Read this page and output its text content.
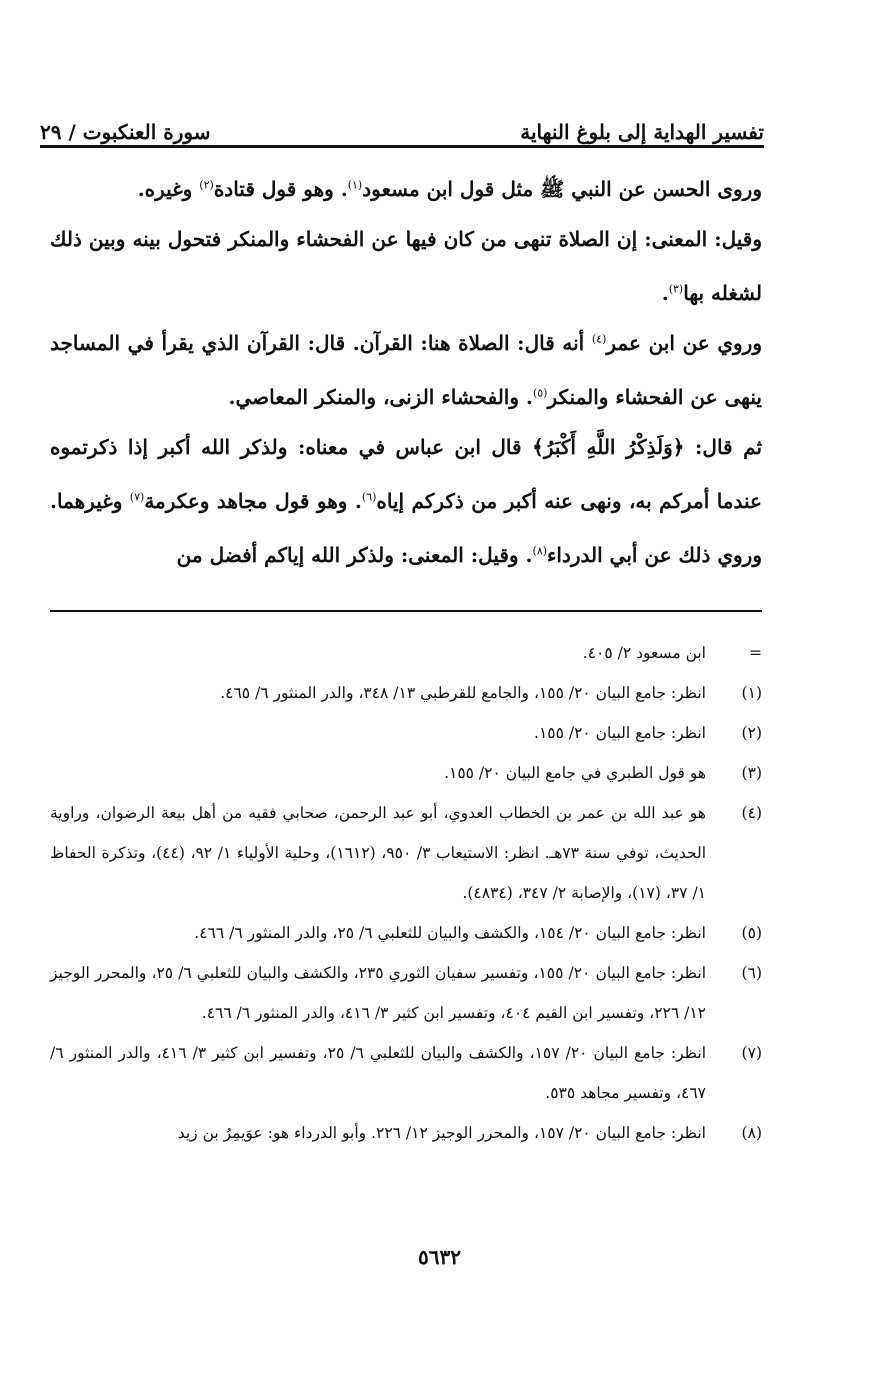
تفسير الهداية إلى بلوغ النهاية
سورة العنكبوت / ٢٩

وروى الحسن عن النبي ﷺ مثل قول ابن مسعود$^{(١)}$. وهو قول قتادة$^{(٢)}$ وغيره.

وقيل: المعنى: إن الصلاة تنهى من كان فيها عن الفحشاء والمنكر فتحول بينه وبين ذلك لشغله بها$^{(٣)}$.

وروي عن ابن عمر$^{(٤)}$ أنه قال: الصلاة هنا: القرآن. قال: القرآن الذي يقرأ في المساجد ينهى عن الفحشاء والمنكر$^{(٥)}$. والفحشاء الزنى، والمنكر المعاصي.

ثم قال: ﴿وَلَذِكْرُ اللَّهِ أَكْبَرُ﴾ قال ابن عباس في معناه: ولذكر الله أكبر إذا ذكرتموه عندما أمركم به، ونهى عنه أكبر من ذكركم إياه$^{(٦)}$. وهو قول مجاهد وعكرمة$^{(٧)}$ وغيرهما. وروي ذلك عن أبي الدرداء$^{(٨)}$. وقيل: المعنى: ولذكر الله إياكم أفضل من

=
ابن مسعود ٢/ ٤٠٥.
(١)
انظر: جامع البيان ٢٠/ ١٥٥، والجامع للقرطبي ١٣/ ٣٤٨، والدر المنثور ٦/ ٤٦٥.
(٢)
انظر: جامع البيان ٢٠/ ١٥٥.
(٣)
هو قول الطبري في جامع البيان ٢٠/ ١٥٥.
(٤)
هو عبد الله بن عمر بن الخطاب العدوي، أبو عبد الرحمن، صحابي فقيه من أهل بيعة الرضوان، وراوية الحديث، توفي سنة ٧٣هـ. انظر: الاستيعاب ٣/ ٩٥٠، (١٦١٢)، وحلية الأولياء ١/ ٩٢، (٤٤)، وتذكرة الحفاظ ١/ ٣٧، (١٧)، والإصابة ٢/ ٣٤٧، (٤٨٣٤).
(٥)
انظر: جامع البيان ٢٠/ ١٥٤، والكشف والبيان للثعلبي ٦/ ٢٥، والدر المنثور ٦/ ٤٦٦.
(٦)
انظر: جامع البيان ٢٠/ ١٥٥، وتفسير سفيان الثوري ٢٣٥، والكشف والبيان للثعلبي ٦/ ٢٥، والمحرر الوجيز ١٢/ ٢٢٦، وتفسير ابن القيم ٤٠٤، وتفسير ابن كثير ٣/ ٤١٦، والدر المنثور ٦/ ٤٦٦.
(٧)
انظر: جامع البيان ٢٠/ ١٥٧، والكشف والبيان للثعلبي ٦/ ٢٥، وتفسير ابن كثير ٣/ ٤١٦، والدر المنثور ٦/ ٤٦٧، وتفسير مجاهد ٥٣٥.
(٨)
انظر: جامع البيان ٢٠/ ١٥٧، والمحرر الوجيز ١٢/ ٢٢٦. وأبو الدرداء هو: عوَيمِرُ بن زيد
٥٦٣٢
